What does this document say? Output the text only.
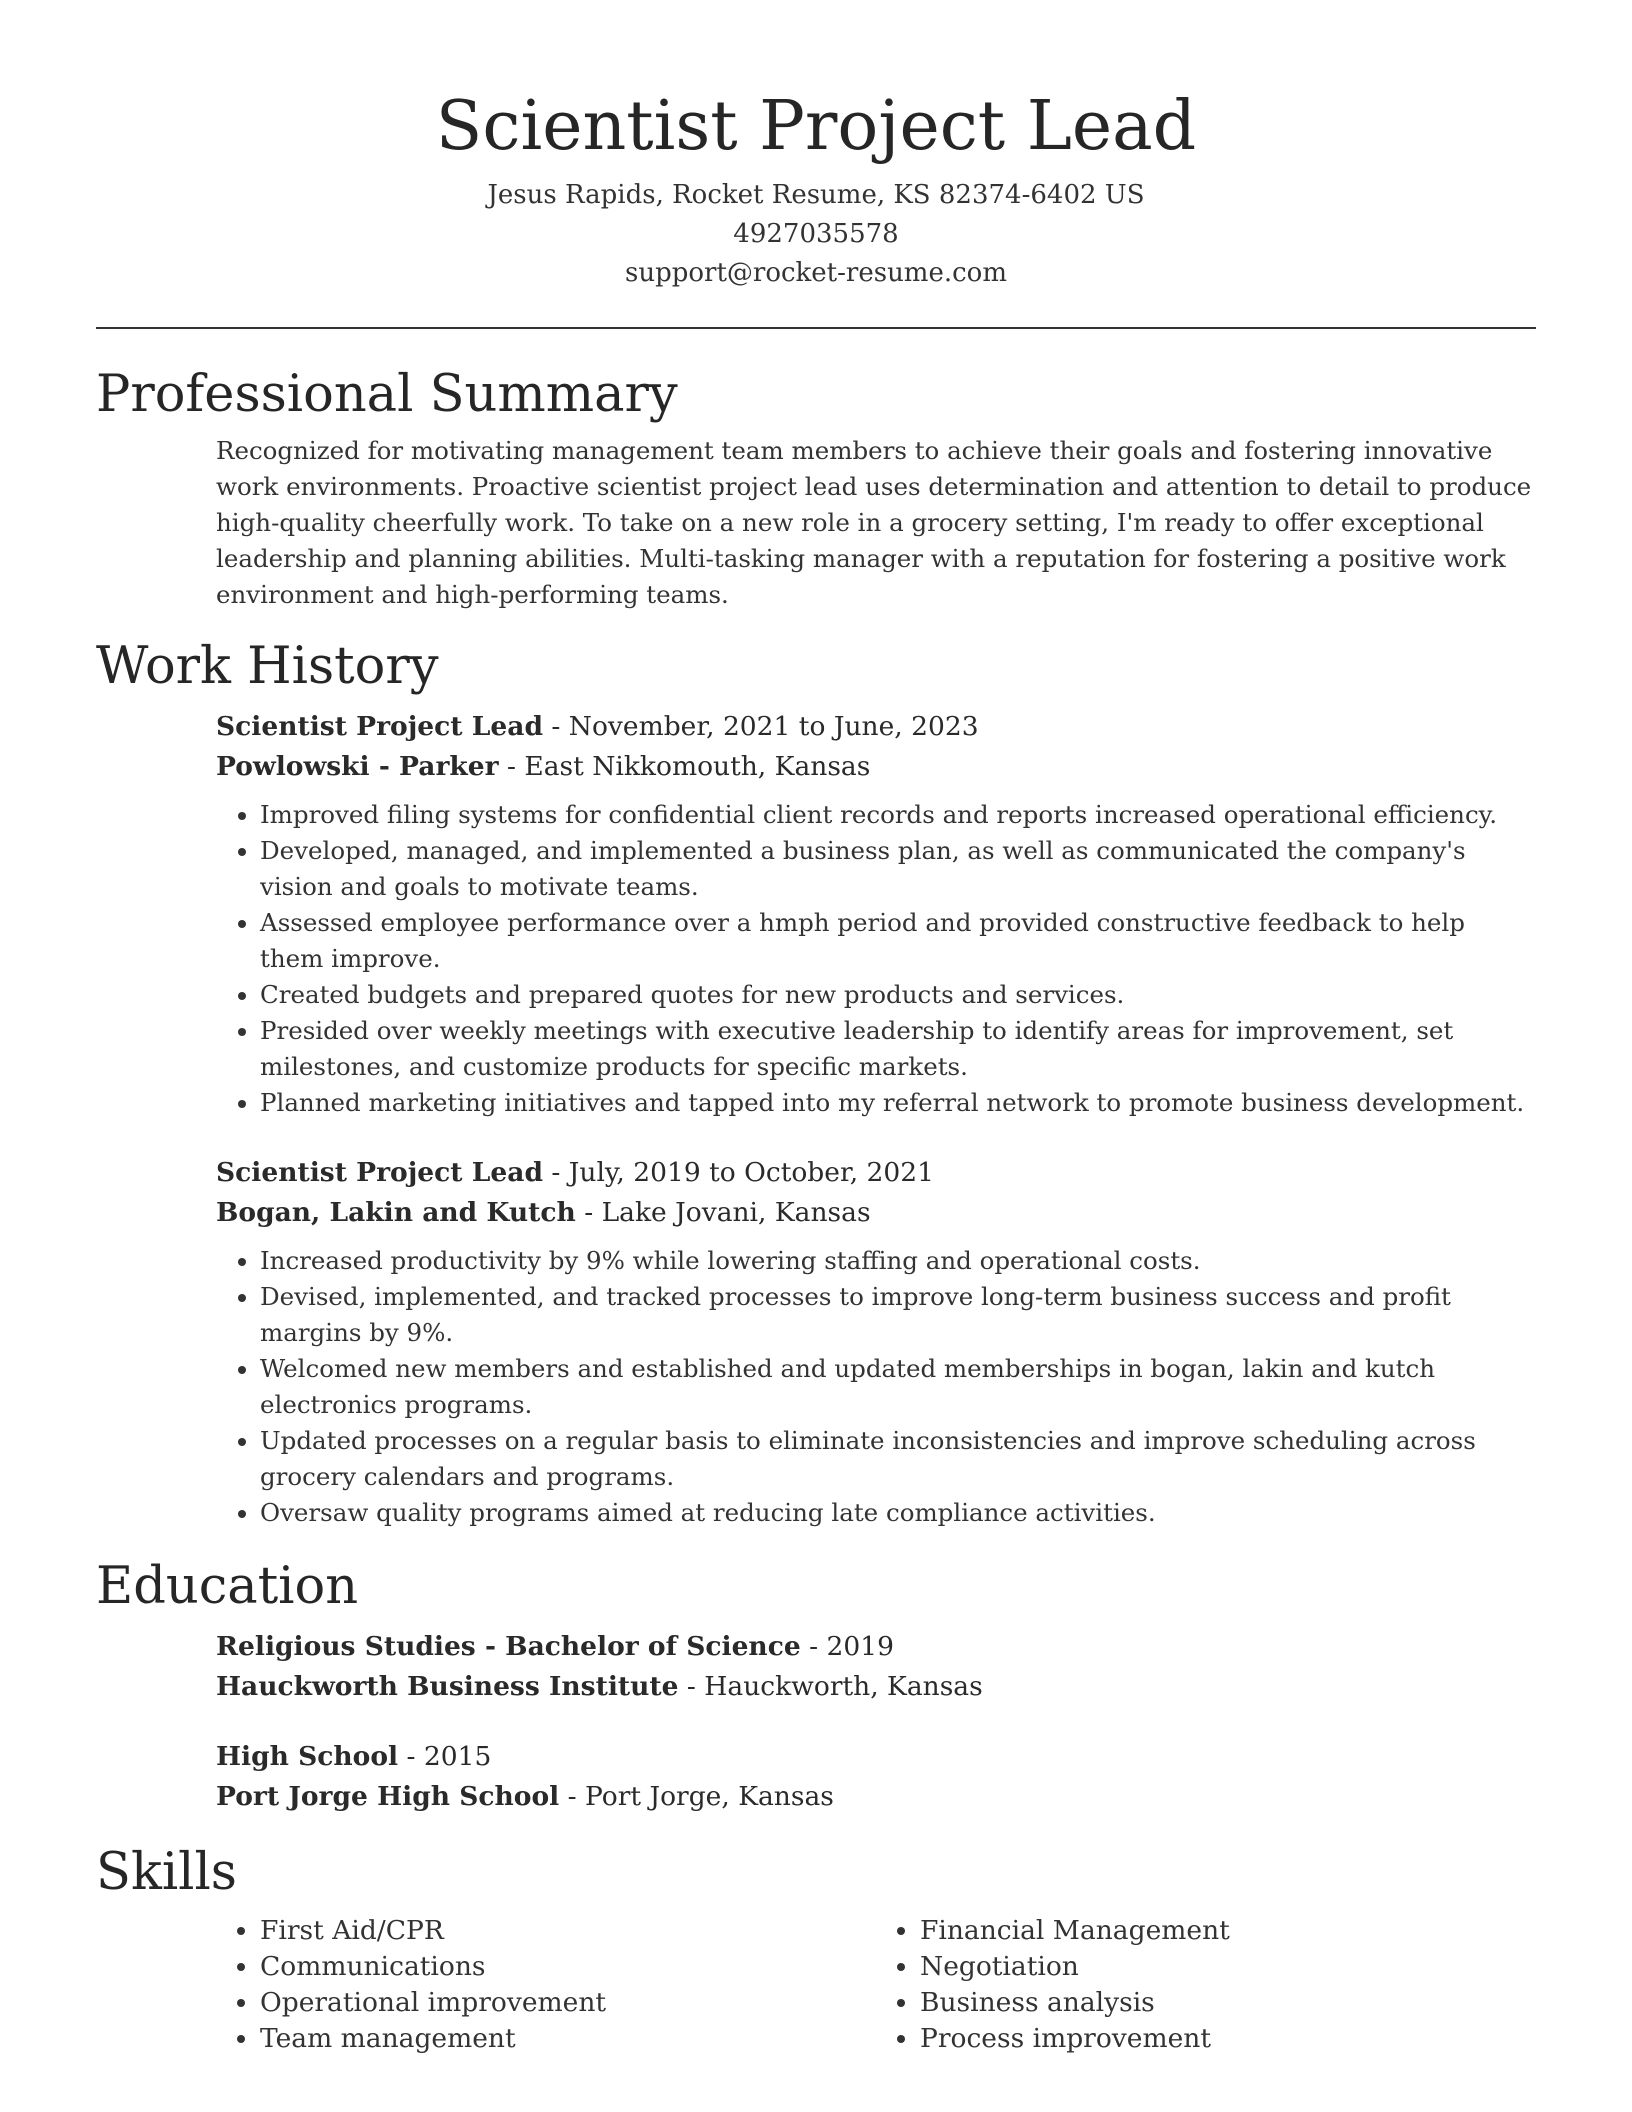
Scientist Project Lead
Jesus Rapids, Rocket Resume, KS 82374-6402 US
4927035578
support@rocket-resume.com
Professional Summary

Recognized for motivating management team members to achieve their goals and fostering innovative work environments. Proactive scientist project lead uses determination and attention to detail to produce high-quality cheerfully work. To take on a new role in a grocery setting, I'm ready to offer exceptional leadership and planning abilities. Multi-tasking manager with a reputation for fostering a positive work environment and high-performing teams.

Work History
Scientist Project Lead - November, 2021 to June, 2023
Powlowski - Parker - East Nikkomouth, Kansas
• Improved filing systems for confidential client records and reports increased operational efficiency.
• Developed, managed, and implemented a business plan, as well as communicated the company's vision and goals to motivate teams.
• Assessed employee performance over a hmph period and provided constructive feedback to help them improve.
• Created budgets and prepared quotes for new products and services.
• Presided over weekly meetings with executive leadership to identify areas for improvement, set milestones, and customize products for specific markets.
• Planned marketing initiatives and tapped into my referral network to promote business development.
Scientist Project Lead - July, 2019 to October, 2021
Bogan, Lakin and Kutch - Lake Jovani, Kansas
• Increased productivity by 9% while lowering staffing and operational costs.
• Devised, implemented, and tracked processes to improve long-term business success and profit margins by 9%.
• Welcomed new members and established and updated memberships in bogan, lakin and kutch electronics programs.
• Updated processes on a regular basis to eliminate inconsistencies and improve scheduling across grocery calendars and programs.
• Oversaw quality programs aimed at reducing late compliance activities.
Education
Religious Studies - Bachelor of Science - 2019
Hauckworth Business Institute - Hauckworth, Kansas
High School - 2015
Port Jorge High School - Port Jorge, Kansas
Skills
• First Aid/CPR
• Communications
• Operational improvement
• Team management
• Financial Management
• Negotiation
• Business analysis
• Process improvement
